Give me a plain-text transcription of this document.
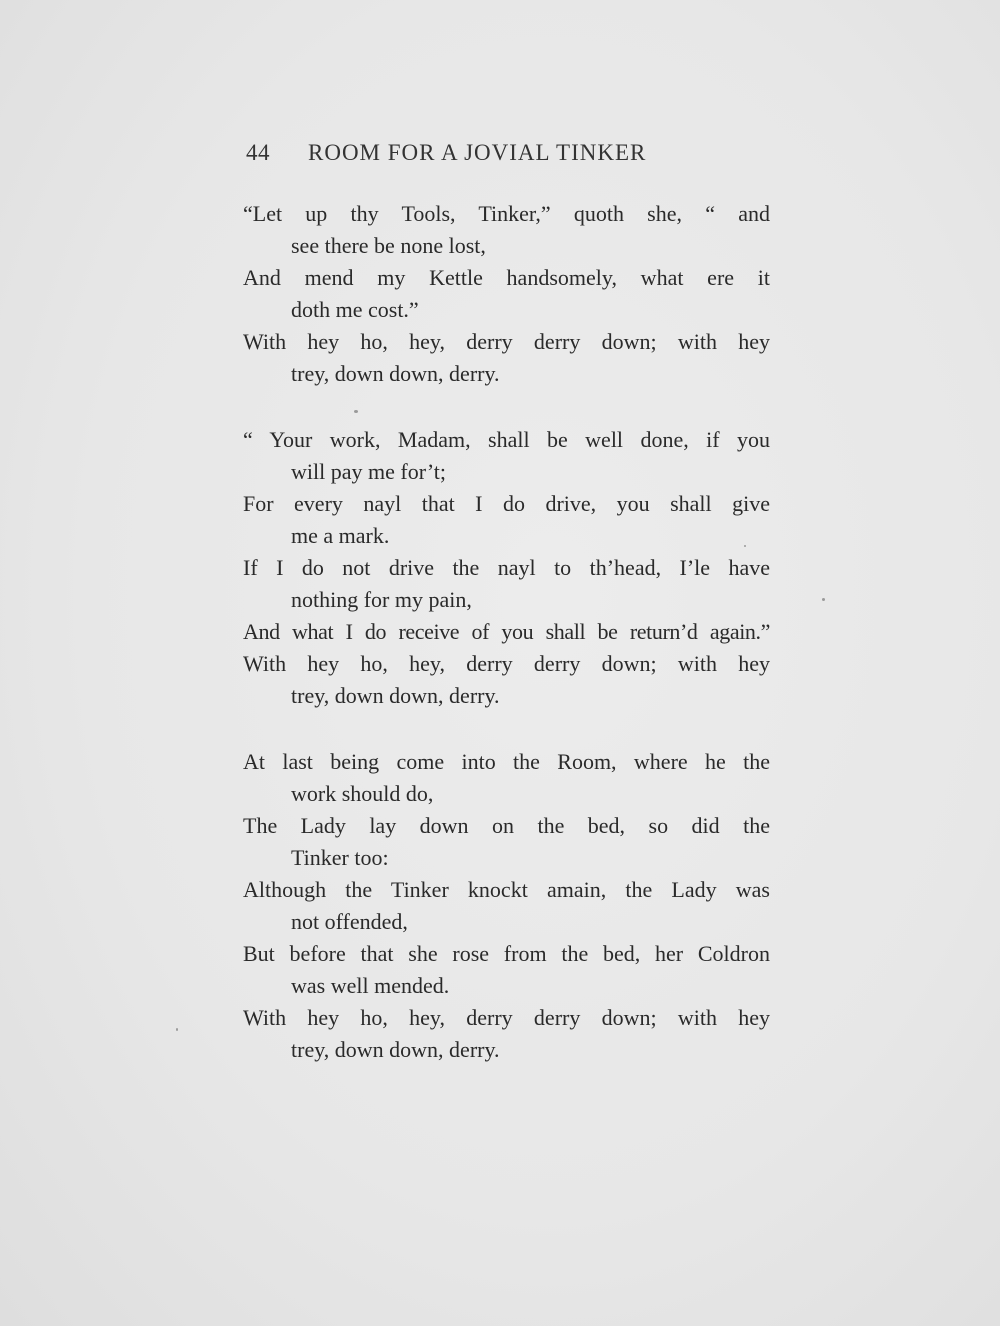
44 ROOM FOR A JOVIAL TINKER
“Let up thy Tools, Tinker,” quoth she, “ and
see there be none lost,
And mend my Kettle handsomely, what ere it
doth me cost.”
With hey ho, hey, derry derry down; with hey
trey, down down, derry.
“ Your work, Madam, shall be well done, if you
will pay me for’t;
For every nayl that I do drive, you shall give
me a mark.
If I do not drive the nayl to th’head, I’le have
nothing for my pain,
And what I do receive of you shall be return’d again.”
With hey ho, hey, derry derry down; with hey
trey, down down, derry.
At last being come into the Room, where he the
work should do,
The Lady lay down on the bed, so did the
Tinker too:
Although the Tinker knockt amain, the Lady was
not offended,
But before that she rose from the bed, her Coldron
was well mended.
With hey ho, hey, derry derry down; with hey
trey, down down, derry.
